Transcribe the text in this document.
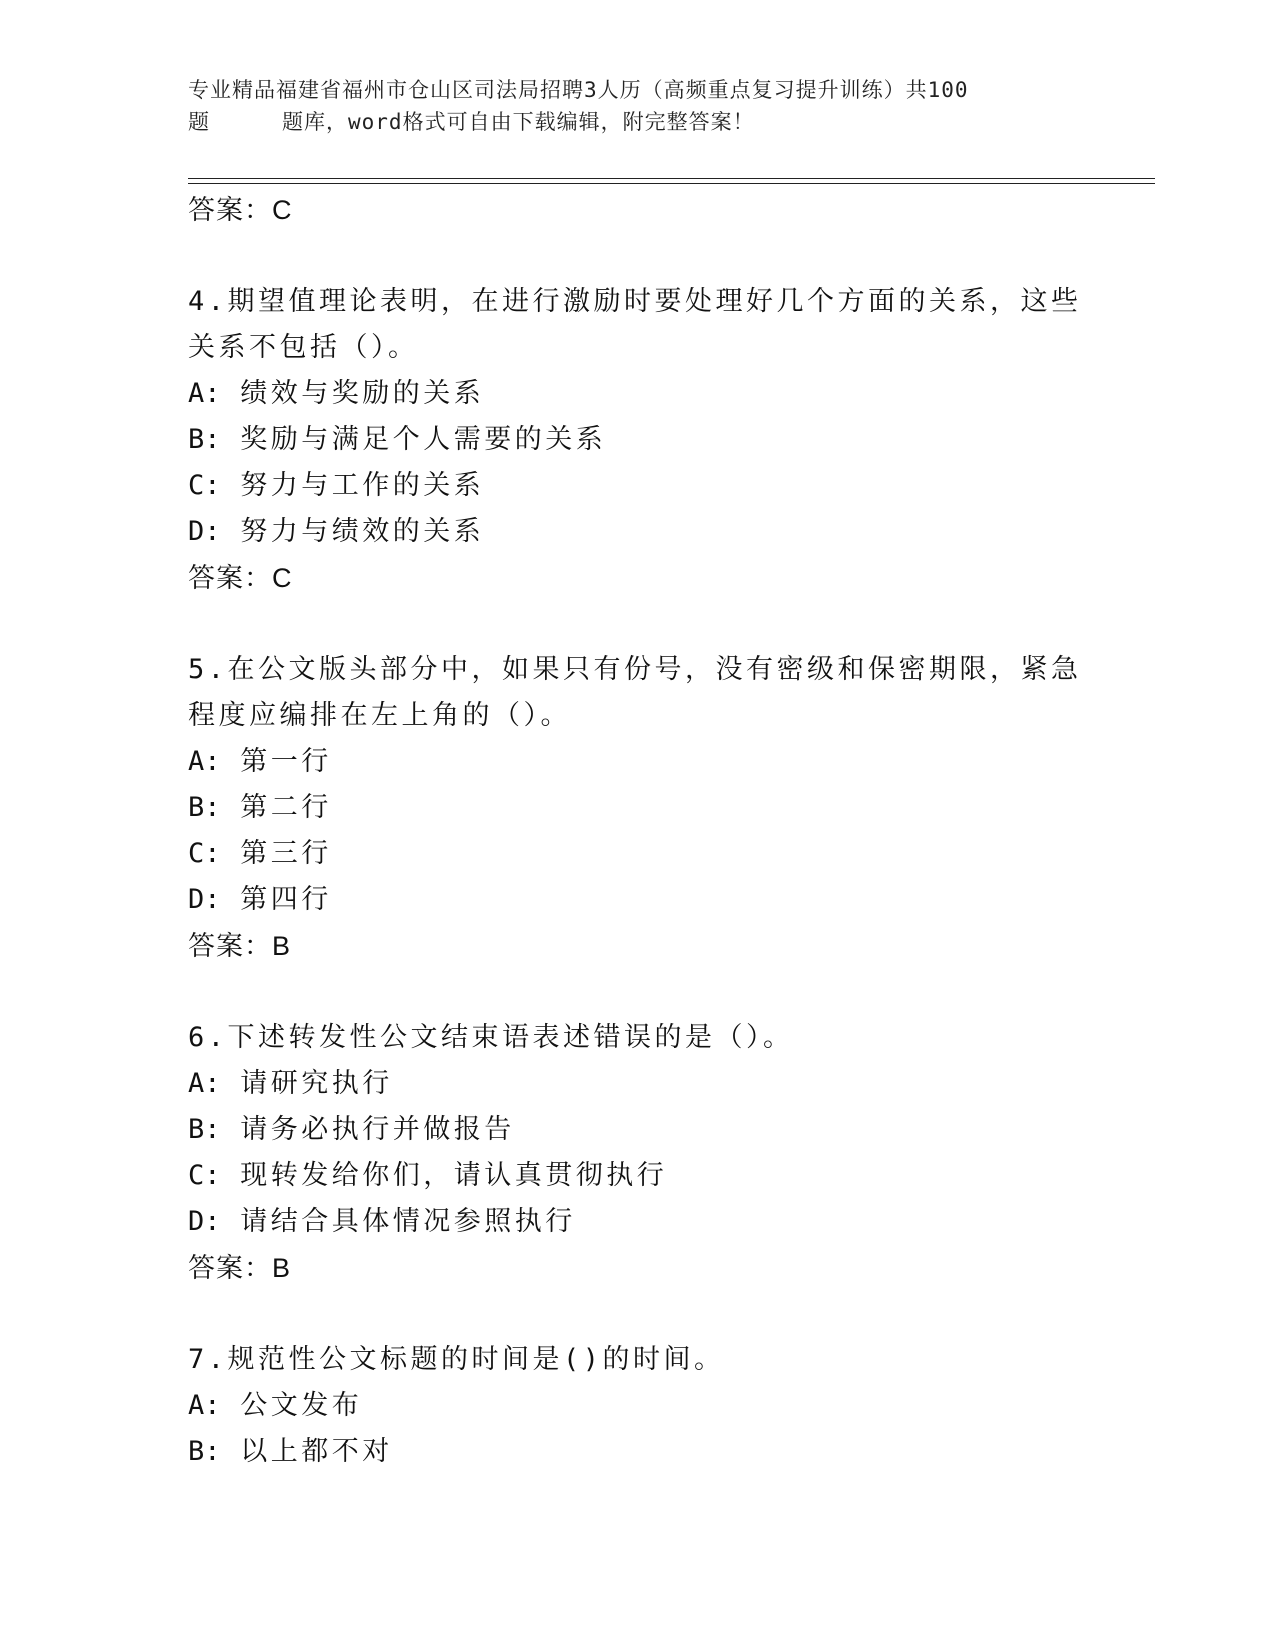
专业精品福建省福州市仓山区司法局招聘3人历（高频重点复习提升训练）共100
题	题库，word格式可自由下载编辑，附完整答案！
答案：C
4.期望值理论表明，在进行激励时要处理好几个方面的关系，这些关系不包括（）。
A: 绩效与奖励的关系
B: 奖励与满足个人需要的关系
C: 努力与工作的关系
D: 努力与绩效的关系
答案：C
5.在公文版头部分中，如果只有份号，没有密级和保密期限，紧急程度应编排在左上角的（）。
A: 第一行
B: 第二行
C: 第三行
D: 第四行
答案：B
6.下述转发性公文结束语表述错误的是（）。
A: 请研究执行
B: 请务必执行并做报告
C: 现转发给你们，请认真贯彻执行
D: 请结合具体情况参照执行
答案：B
7.规范性公文标题的时间是()的时间。
A: 公文发布
B: 以上都不对
